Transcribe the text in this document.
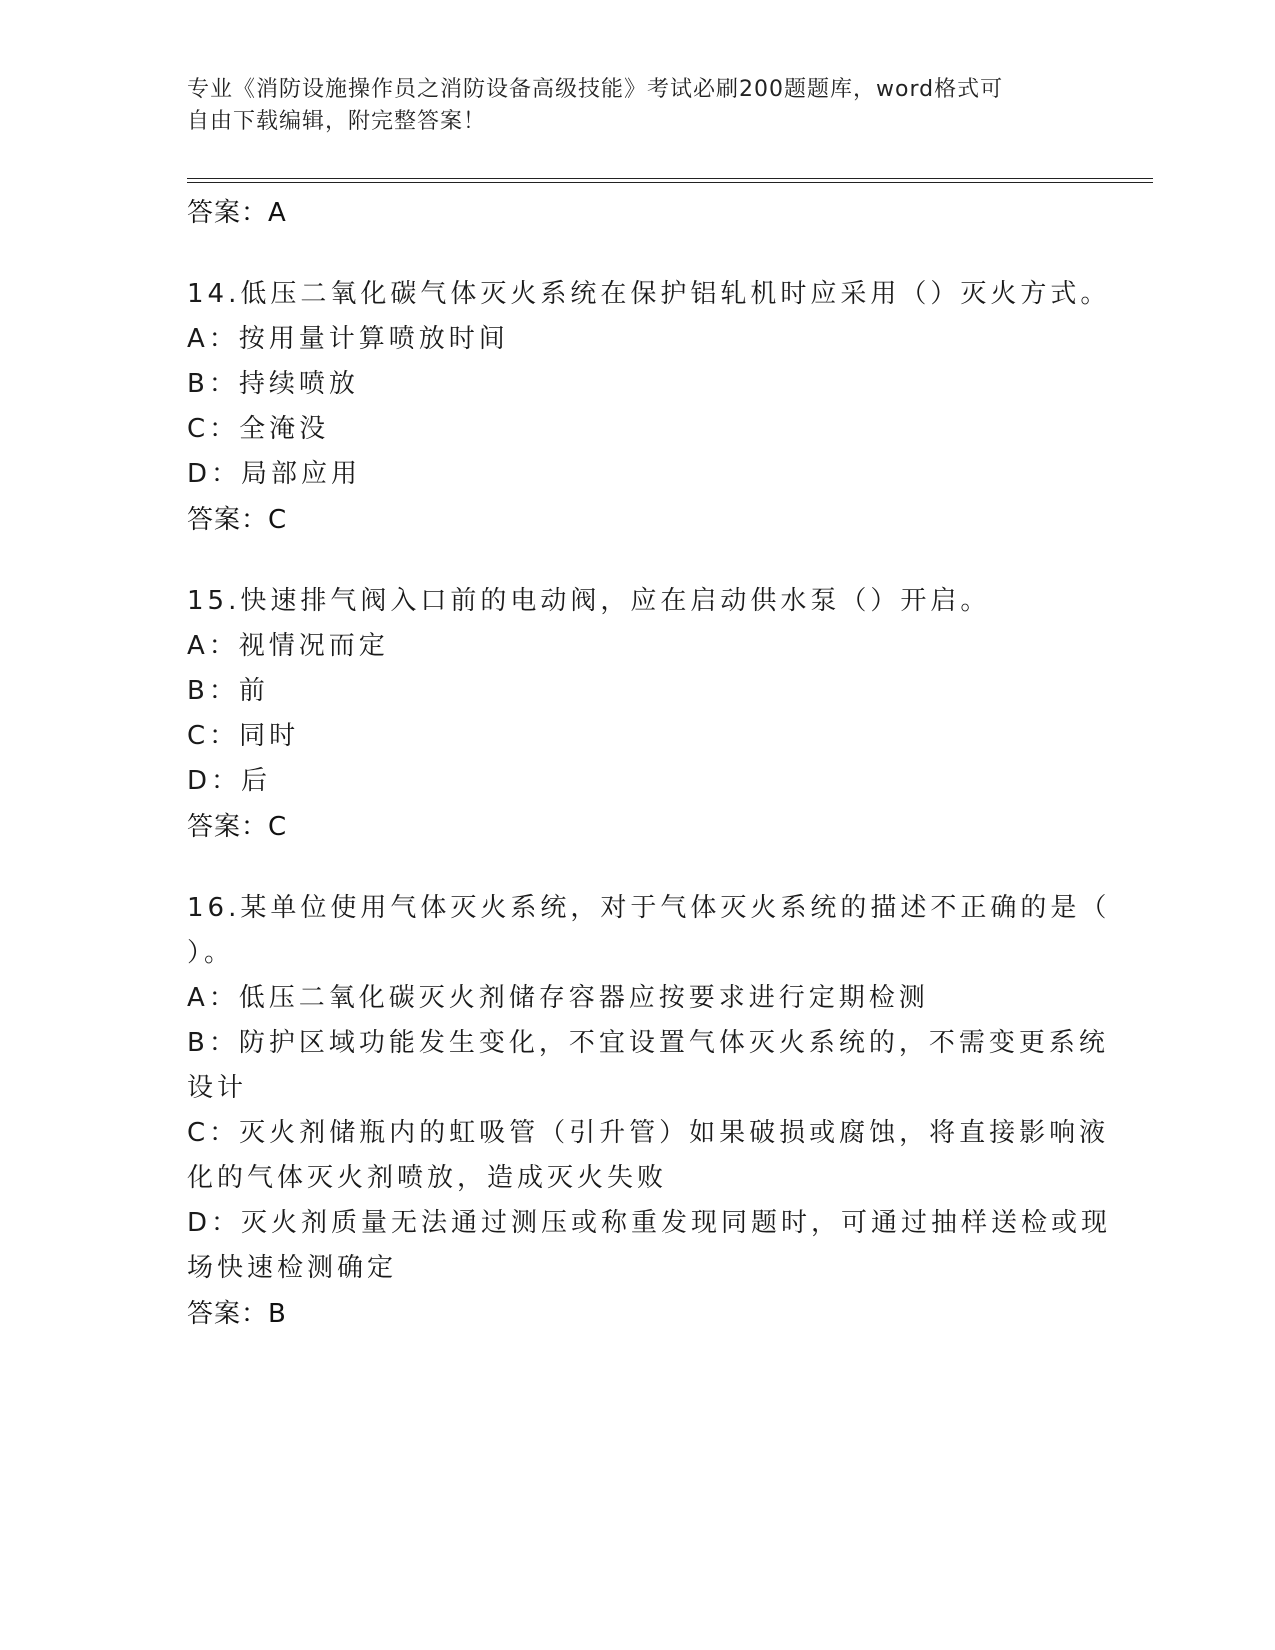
专业《消防设施操作员之消防设备高级技能》考试必刷200题题库，word格式可
自由下载编辑，附完整答案！
答案：A
14.低压二氧化碳气体灭火系统在保护铝轧机时应采用（）灭火方式。
A：按用量计算喷放时间
B：持续喷放
C：全淹没
D：局部应用
答案：C
15.快速排气阀入口前的电动阀，应在启动供水泵（）开启。
A：视情况而定
B：前
C：同时
D：后
答案：C
16.某单位使用气体灭火系统，对于气体灭火系统的描述不正确的是（
）。
A：低压二氧化碳灭火剂储存容器应按要求进行定期检测
B：防护区域功能发生变化，不宜设置气体灭火系统的，不需变更系统
设计
C：灭火剂储瓶内的虹吸管（引升管）如果破损或腐蚀，将直接影响液
化的气体灭火剂喷放，造成灭火失败
D：灭火剂质量无法通过测压或称重发现同题时，可通过抽样送检或现
场快速检测确定
答案：B
